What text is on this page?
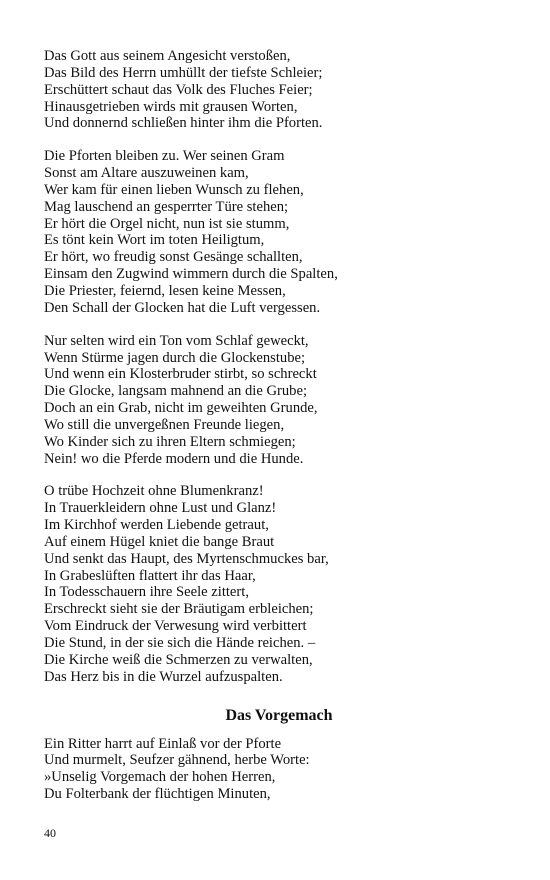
Das Gott aus seinem Angesicht verstoßen,
Das Bild des Herrn umhüllt der tiefste Schleier;
Erschüttert schaut das Volk des Fluches Feier;
Hinausgetrieben wirds mit grausen Worten,
Und donnernd schließen hinter ihm die Pforten.
Die Pforten bleiben zu. Wer seinen Gram
Sonst am Altare auszuweinen kam,
Wer kam für einen lieben Wunsch zu flehen,
Mag lauschend an gesperrter Türe stehen;
Er hört die Orgel nicht, nun ist sie stumm,
Es tönt kein Wort im toten Heiligtum,
Er hört, wo freudig sonst Gesänge schallten,
Einsam den Zugwind wimmern durch die Spalten,
Die Priester, feiernd, lesen keine Messen,
Den Schall der Glocken hat die Luft vergessen.
Nur selten wird ein Ton vom Schlaf geweckt,
Wenn Stürme jagen durch die Glockenstube;
Und wenn ein Klosterbruder stirbt, so schreckt
Die Glocke, langsam mahnend an die Grube;
Doch an ein Grab, nicht im geweihten Grunde,
Wo still die unvergeßnen Freunde liegen,
Wo Kinder sich zu ihren Eltern schmiegen;
Nein! wo die Pferde modern und die Hunde.
O trübe Hochzeit ohne Blumenkranz!
In Trauerkleidern ohne Lust und Glanz!
Im Kirchhof werden Liebende getraut,
Auf einem Hügel kniet die bange Braut
Und senkt das Haupt, des Myrtenschmuckes bar,
In Grabeslüften flattert ihr das Haar,
In Todesschauern ihre Seele zittert,
Erschreckt sieht sie der Bräutigam erbleichen;
Vom Eindruck der Verwesung wird verbittert
Die Stund, in der sie sich die Hände reichen. –
Die Kirche weiß die Schmerzen zu verwalten,
Das Herz bis in die Wurzel aufzuspalten.
Das Vorgemach
Ein Ritter harrt auf Einlaß vor der Pforte
Und murmelt, Seufzer gähnend, herbe Worte:
»Unselig Vorgemach der hohen Herren,
Du Folterbank der flüchtigen Minuten,
40
